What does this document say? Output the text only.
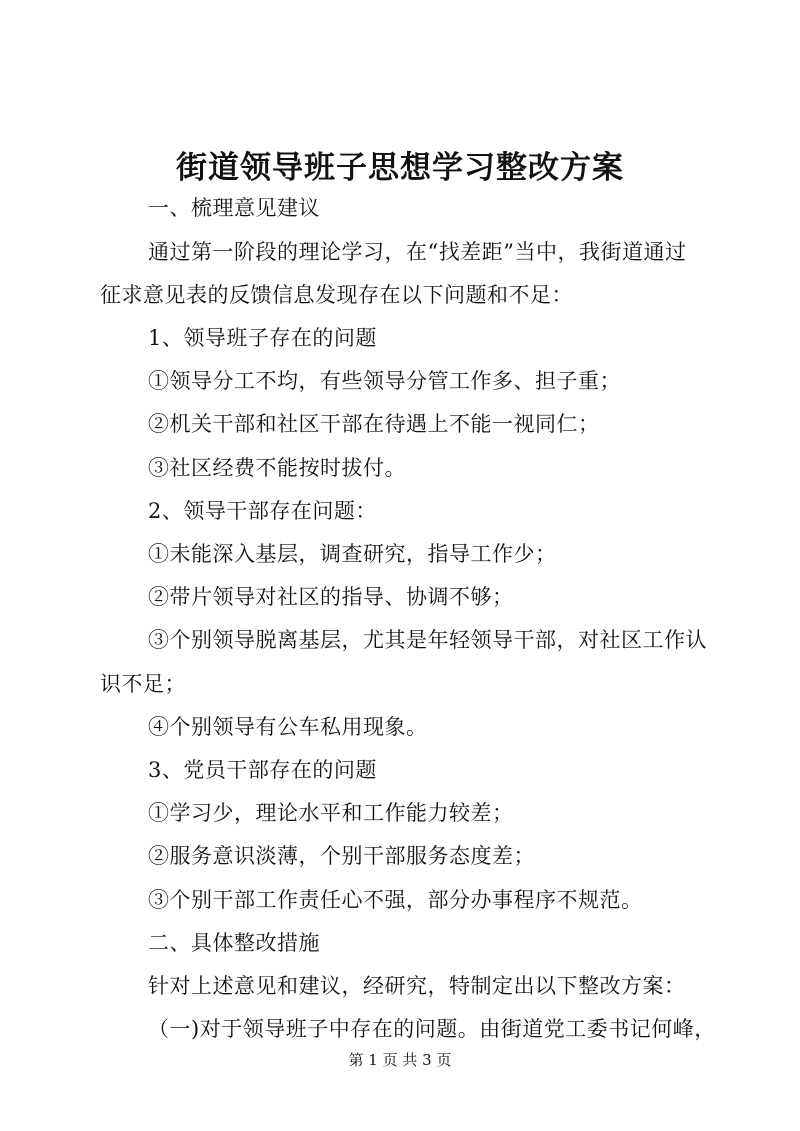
街道领导班子思想学习整改方案
一、梳理意见建议
通过第一阶段的理论学习，在“找差距”当中，我街道通过
征求意见表的反馈信息发现存在以下问题和不足：
1、领导班子存在的问题
①领导分工不均，有些领导分管工作多、担子重；
②机关干部和社区干部在待遇上不能一视同仁；
③社区经费不能按时拔付。
2、领导干部存在问题：
①未能深入基层，调查研究，指导工作少；
②带片领导对社区的指导、协调不够；
③个别领导脱离基层，尤其是年轻领导干部，对社区工作认
识不足；
④个别领导有公车私用现象。
3、党员干部存在的问题
①学习少，理论水平和工作能力较差；
②服务意识淡薄，个别干部服务态度差；
③个别干部工作责任心不强，部分办事程序不规范。
二、具体整改措施
针对上述意见和建议，经研究，特制定出以下整改方案：
（一)对于领导班子中存在的问题。由街道党工委书记何峰，
第 1 页 共 3 页
